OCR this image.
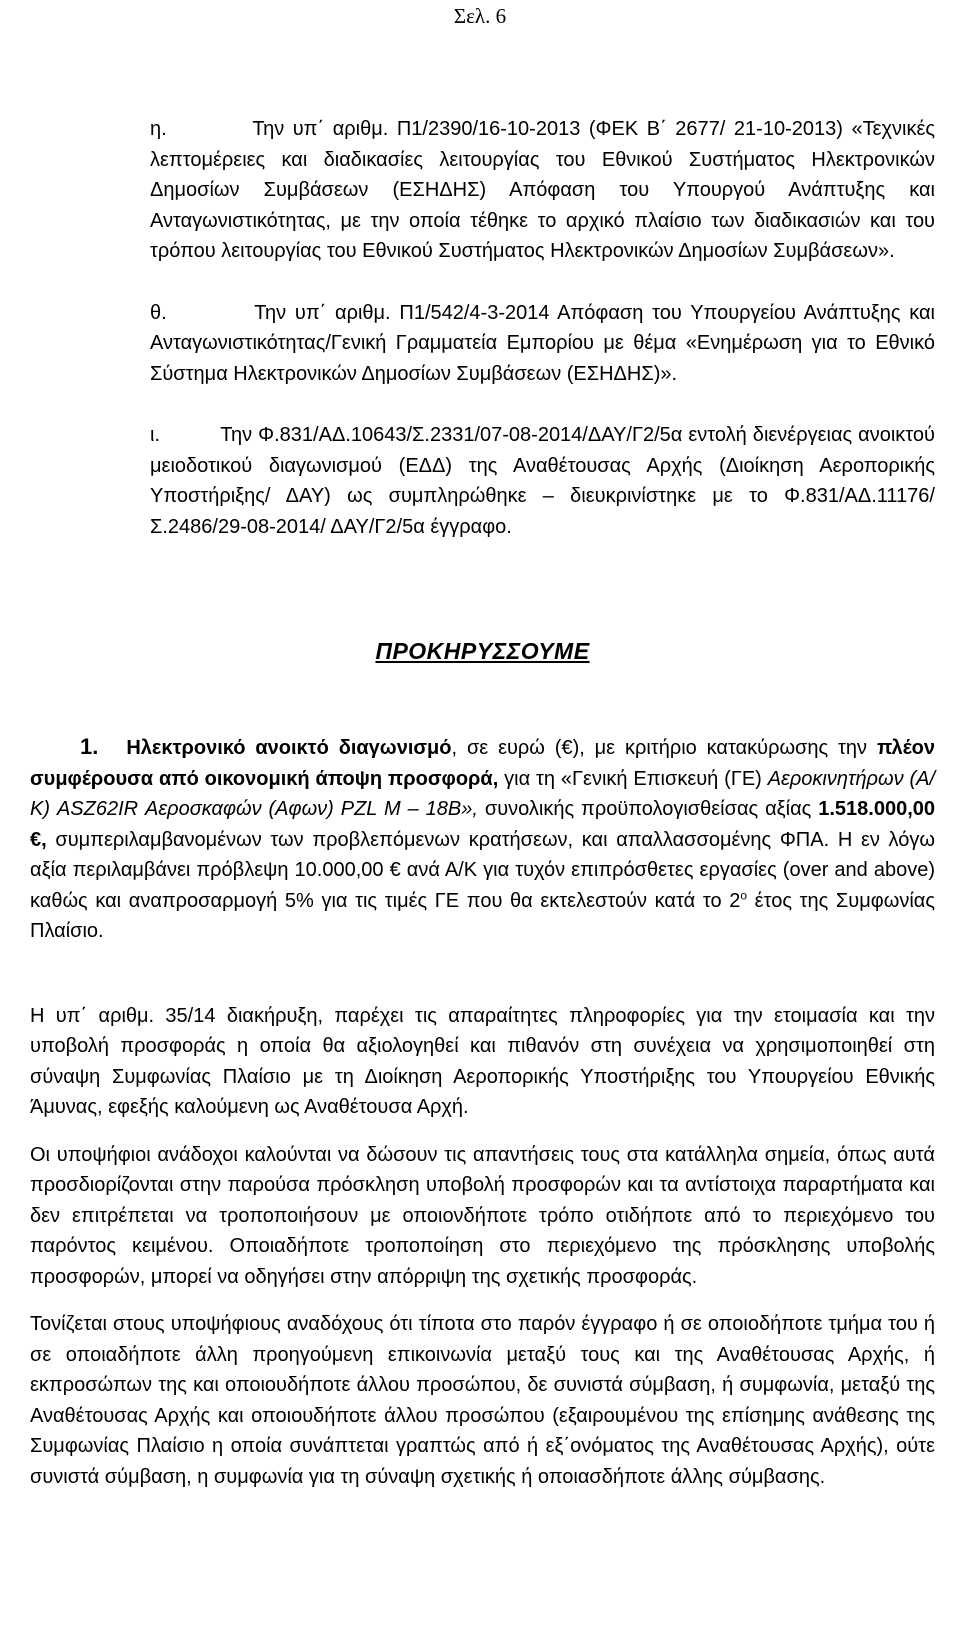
Σελ. 6

η.	Την υπ΄ αριθμ. Π1/2390/16-10-2013 (ΦΕΚ Β΄ 2677/ 21-10-2013) «Τεχνικές λεπτομέρειες και διαδικασίες λειτουργίας του Εθνικού Συστήματος Ηλεκτρονικών Δημοσίων Συμβάσεων (ΕΣΗΔΗΣ) Απόφαση του Υπουργού Ανάπτυξης και Ανταγωνιστικότητας, με την οποία τέθηκε το αρχικό πλαίσιο των διαδικασιών και του τρόπου λειτουργίας του Εθνικού Συστήματος Ηλεκτρονικών Δημοσίων Συμβάσεων».

θ.	Την υπ΄ αριθμ. Π1/542/4-3-2014 Απόφαση του Υπουργείου Ανάπτυξης και Ανταγωνιστικότητας/Γενική Γραμματεία Εμπορίου με θέμα «Ενημέρωση για το Εθνικό Σύστημα Ηλεκτρονικών Δημοσίων Συμβάσεων (ΕΣΗΔΗΣ)».

ι.	Την Φ.831/ΑΔ.10643/Σ.2331/07-08-2014/ΔΑΥ/Γ2/5α εντολή διενέργειας ανοικτού μειοδοτικού διαγωνισμού (ΕΔΔ) της Αναθέτουσας Αρχής (Διοίκηση Αεροπορικής Υποστήριξης/ ΔΑΥ) ως συμπληρώθηκε – διευκρινίστηκε με το Φ.831/ΑΔ.11176/Σ.2486/29-08-2014/ ΔΑΥ/Γ2/5α έγγραφο.

ΠΡΟΚΗΡΥΣΣΟΥΜΕ

1. Ηλεκτρονικό ανοικτό διαγωνισμό, σε ευρώ (€), με κριτήριο κατακύρωσης την πλέον συμφέρουσα από οικονομική άποψη προσφορά, για τη «Γενική Επισκευή (ΓΕ) Αεροκινητήρων (Α/Κ) ASZ62IR Αεροσκαφών (Αφων) PZL M – 18B», συνολικής προϋπολογισθείσας αξίας 1.518.000,00 €, συμπεριλαμβανομένων των προβλεπόμενων κρατήσεων, και απαλλασσομένης ΦΠΑ. Η εν λόγω αξία περιλαμβάνει πρόβλεψη 10.000,00 € ανά Α/Κ για τυχόν επιπρόσθετες εργασίες (over and above) καθώς και αναπροσαρμογή 5% για τις τιμές ΓΕ που θα εκτελεστούν κατά το $2^o$ έτος της Συμφωνίας Πλαίσιο.

Η υπ΄ αριθμ. 35/14 διακήρυξη, παρέχει τις απαραίτητες πληροφορίες για την ετοιμασία και την υποβολή προσφοράς η οποία θα αξιολογηθεί και πιθανόν στη συνέχεια να χρησιμοποιηθεί στη σύναψη Συμφωνίας Πλαίσιο με τη Διοίκηση Αεροπορικής Υποστήριξης του Υπουργείου Εθνικής Άμυνας, εφεξής καλούμενη ως Αναθέτουσα Αρχή.

Οι υποψήφιοι ανάδοχοι καλούνται να δώσουν τις απαντήσεις τους στα κατάλληλα σημεία, όπως αυτά προσδιορίζονται στην παρούσα πρόσκληση υποβολή προσφορών και τα αντίστοιχα παραρτήματα και δεν επιτρέπεται να τροποποιήσουν με οποιονδήποτε τρόπο οτιδήποτε από το περιεχόμενο του παρόντος κειμένου. Οποιαδήποτε τροποποίηση στο περιεχόμενο της πρόσκλησης υποβολής προσφορών, μπορεί να οδηγήσει στην απόρριψη της σχετικής προσφοράς.

Τονίζεται στους υποψήφιους αναδόχους ότι τίποτα στο παρόν έγγραφο ή σε οποιοδήποτε τμήμα του ή σε οποιαδήποτε άλλη προηγούμενη επικοινωνία μεταξύ τους και της Αναθέτουσας Αρχής, ή εκπροσώπων της και οποιουδήποτε άλλου προσώπου, δε συνιστά σύμβαση, ή συμφωνία, μεταξύ της Αναθέτουσας Αρχής και οποιουδήποτε άλλου προσώπου (εξαιρουμένου της επίσημης ανάθεσης της Συμφωνίας Πλαίσιο η οποία συνάπτεται γραπτώς από ή εξ΄ονόματος της Αναθέτουσας Αρχής), ούτε συνιστά σύμβαση, η συμφωνία για τη σύναψη σχετικής ή οποιασδήποτε άλλης σύμβασης.
